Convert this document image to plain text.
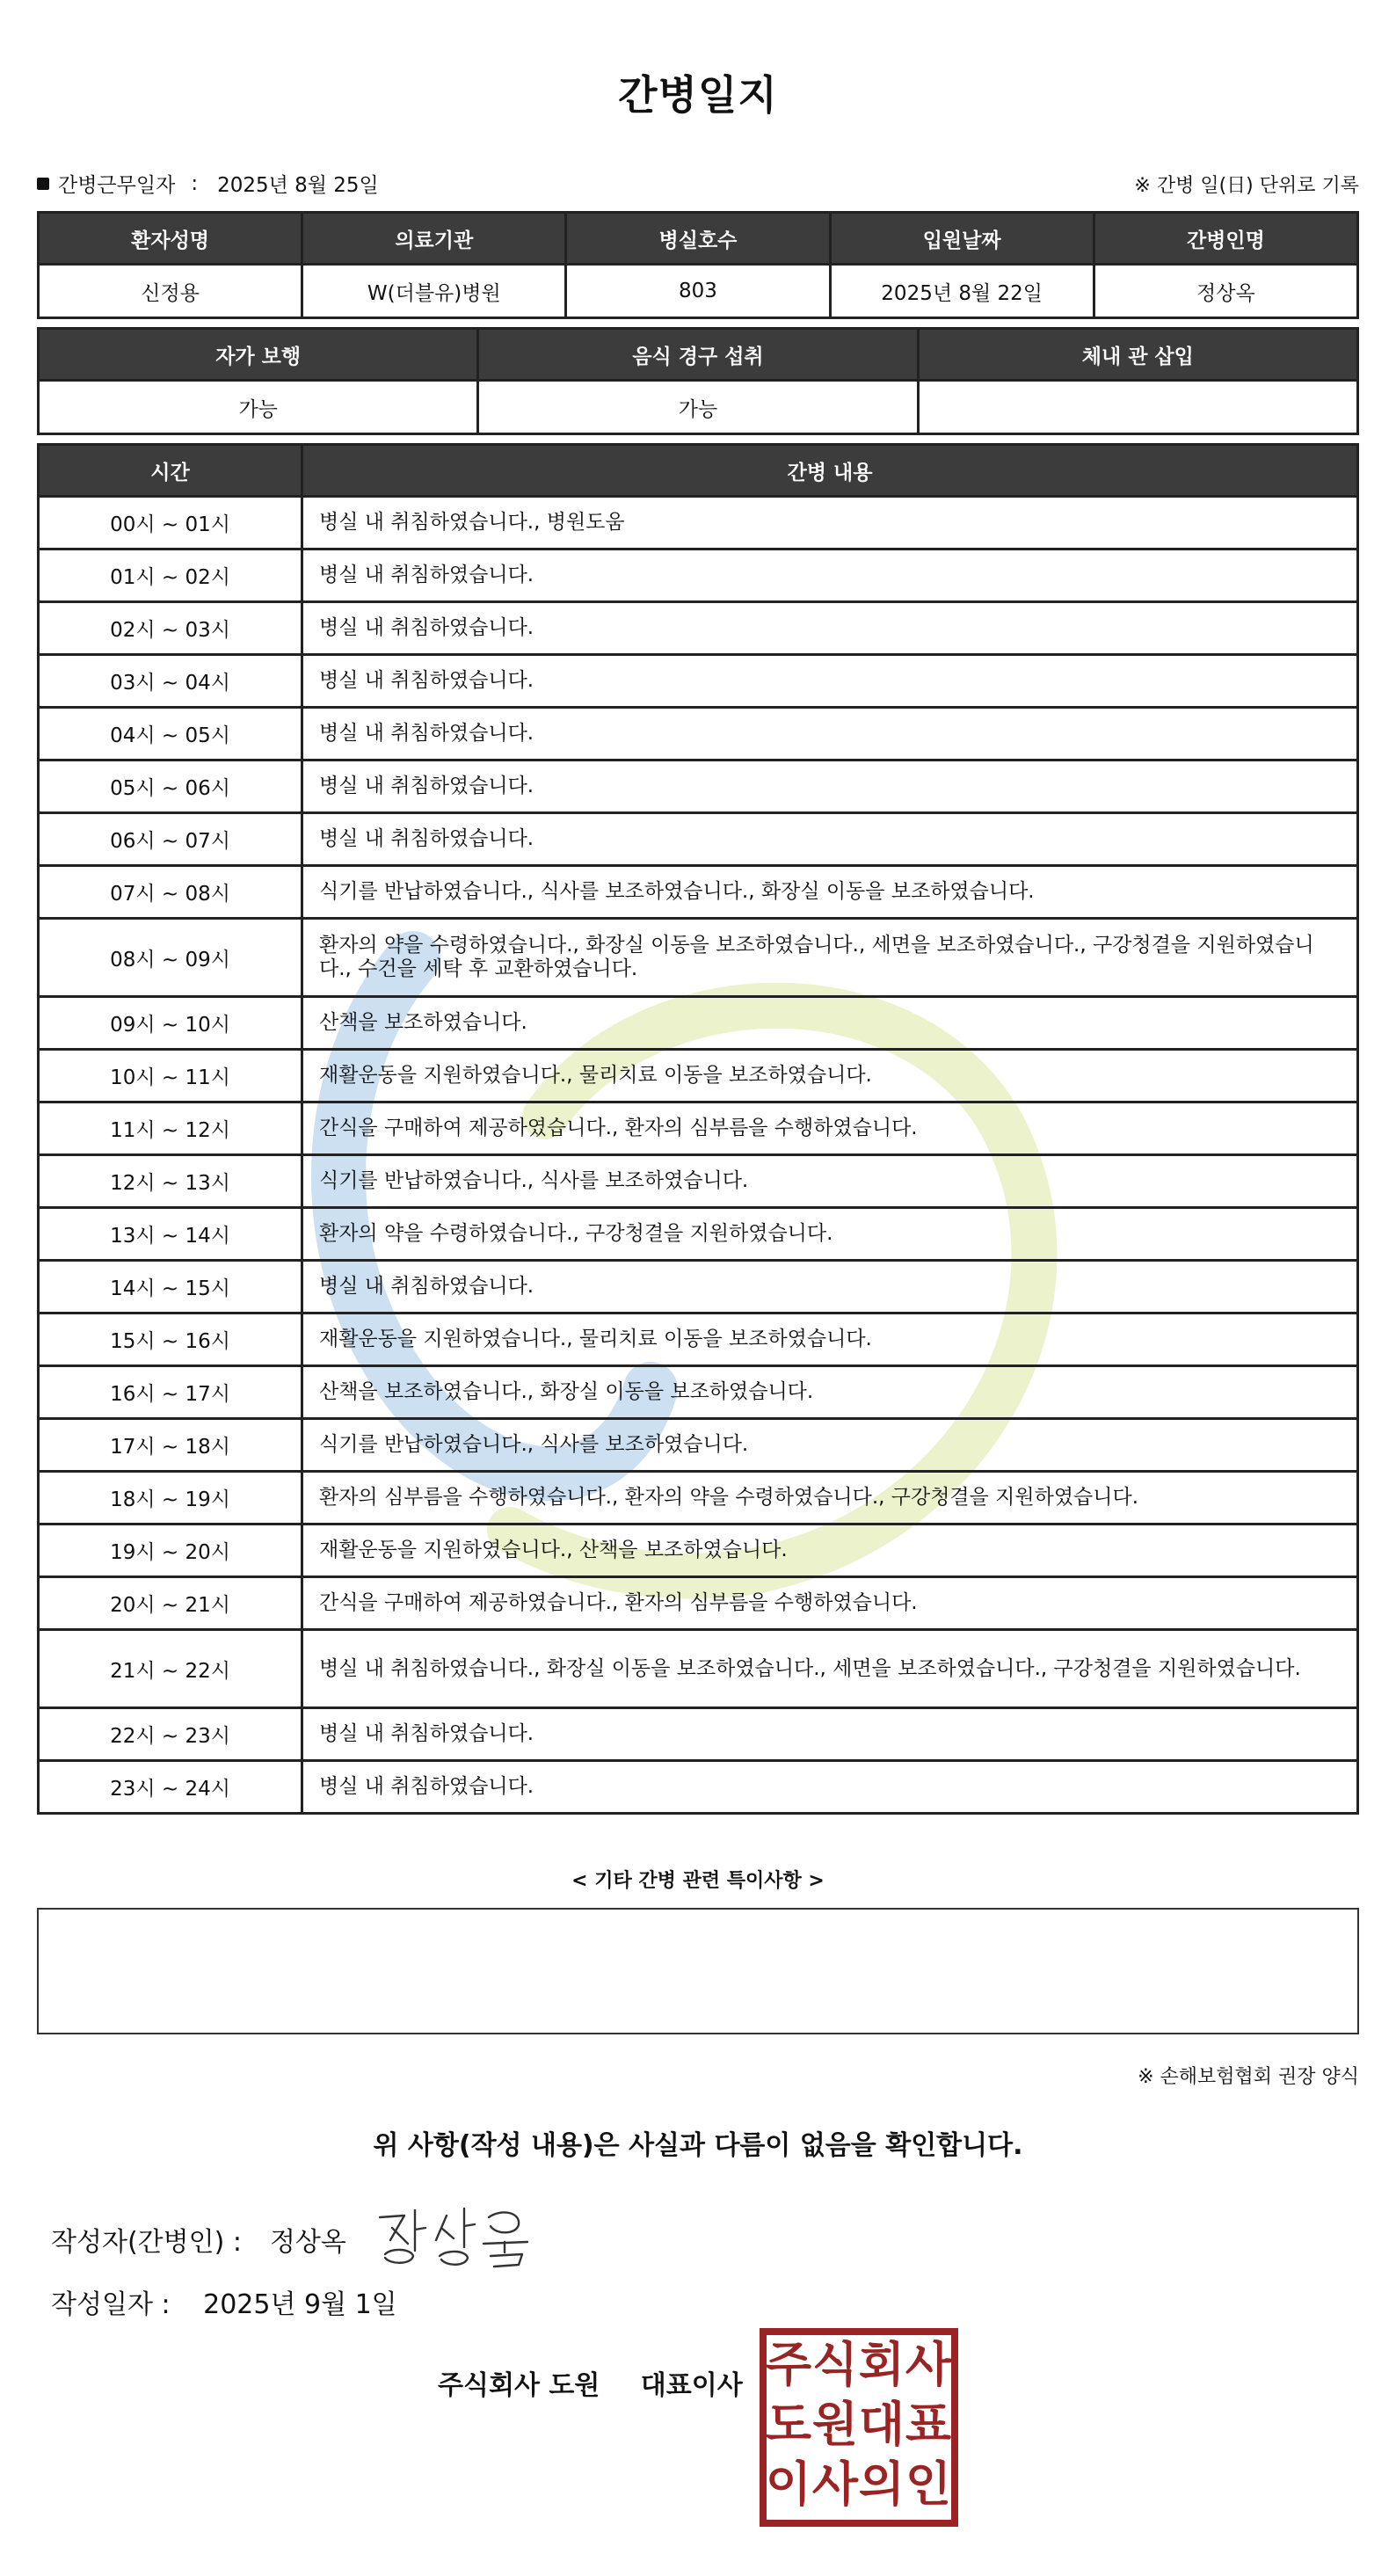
간병일지
간병근무일자 : 2025년 8월 25일	※ 간병 일(日) 단위로 기록
환자성명	의료기관	병실호수	입원날짜	간병인명
신정용	W(더블유)병원	803	2025년 8월 22일	정상옥
자가 보행	음식 경구 섭취	체내 관 삽입
가능	가능	
시간	간병 내용
00시 ~ 01시	병실 내 취침하였습니다., 병원도움
01시 ~ 02시	병실 내 취침하였습니다.
02시 ~ 03시	병실 내 취침하였습니다.
03시 ~ 04시	병실 내 취침하였습니다.
04시 ~ 05시	병실 내 취침하였습니다.
05시 ~ 06시	병실 내 취침하였습니다.
06시 ~ 07시	병실 내 취침하였습니다.
07시 ~ 08시	식기를 반납하였습니다., 식사를 보조하였습니다., 화장실 이동을 보조하였습니다.
08시 ~ 09시	환자의 약을 수령하였습니다., 화장실 이동을 보조하였습니다., 세면을 보조하였습니다., 구강청결을 지원하였습니다., 수건을 세탁 후 교환하였습니다.
09시 ~ 10시	산책을 보조하였습니다.
10시 ~ 11시	재활운동을 지원하였습니다., 물리치료 이동을 보조하였습니다.
11시 ~ 12시	간식을 구매하여 제공하였습니다., 환자의 심부름을 수행하였습니다.
12시 ~ 13시	식기를 반납하였습니다., 식사를 보조하였습니다.
13시 ~ 14시	환자의 약을 수령하였습니다., 구강청결을 지원하였습니다.
14시 ~ 15시	병실 내 취침하였습니다.
15시 ~ 16시	재활운동을 지원하였습니다., 물리치료 이동을 보조하였습니다.
16시 ~ 17시	산책을 보조하였습니다., 화장실 이동을 보조하였습니다.
17시 ~ 18시	식기를 반납하였습니다., 식사를 보조하였습니다.
18시 ~ 19시	환자의 심부름을 수행하였습니다., 환자의 약을 수령하였습니다., 구강청결을 지원하였습니다.
19시 ~ 20시	재활운동을 지원하였습니다., 산책을 보조하였습니다.
20시 ~ 21시	간식을 구매하여 제공하였습니다., 환자의 심부름을 수행하였습니다.
21시 ~ 22시	병실 내 취침하였습니다., 화장실 이동을 보조하였습니다., 세면을 보조하였습니다., 구강청결을 지원하였습니다.
22시 ~ 23시	병실 내 취침하였습니다.
23시 ~ 24시	병실 내 취침하였습니다.
< 기타 간병 관련 특이사항 >
※ 손해보험협회 권장 양식
위 사항(작성 내용)은 사실과 다름이 없음을 확인합니다.
작성자(간병인) : 정상옥
작성일자 : 2025년 9월 1일
주식회사 도원 대표이사 주 식 회 사
도 원 대 표
이 사 의 인
